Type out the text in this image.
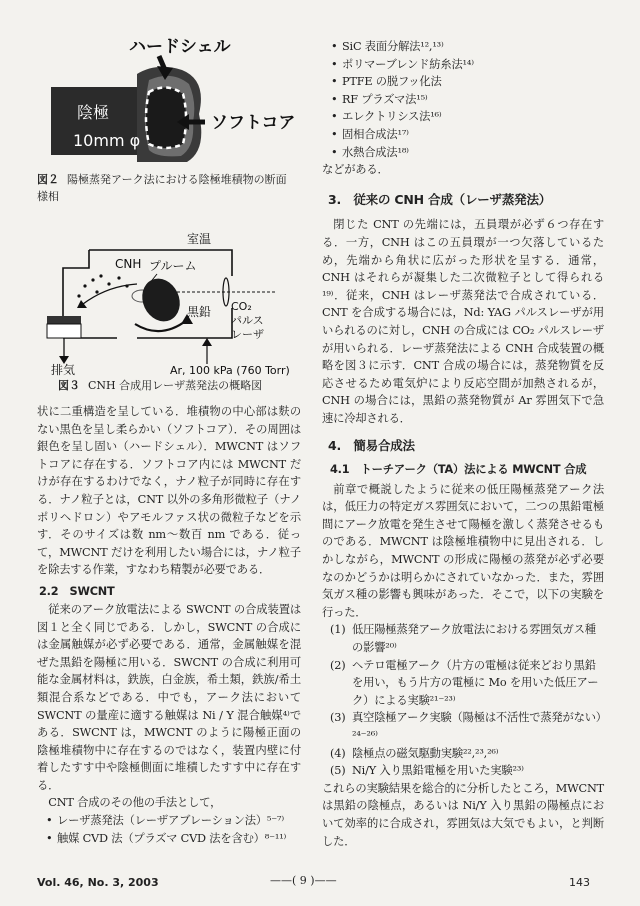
ハードシェル
ソフトコア
陰極
10mm φ
図２ 陽極蒸発アーク法における陰極堆積物の断面様相
室温
排気
CNH プルーム
黒鉛 CO₂
パルス
レーザ
Ar, 100 kPa (760 Torr)
図３ CNH 合成用レーザ蒸発法の概略図

状に二重構造を呈している．堆積物の中心部は麩のない黒色を呈し柔らかい（ソフトコア）．その周囲は銀色を呈し固い（ハードシェル）．MWCNT はソフトコアに存在する．ソフトコア内には MWCNT だけが存在するわけでなく，ナノ粒子が同時に存在する．ナノ粒子とは，CNT 以外の多角形微粒子（ナノポリヘドロン）やアモルファス状の微粒子などを示す．そのサイズは数 nm〜数百 nm である．従って，MWCNT だけを利用したい場合には，ナノ粒子を除去する作業，すなわち精製が必要である．

2.2　SWCNT

従来のアーク放電法による SWCNT の合成装置は図１と全く同じである．しかし，SWCNT の合成には金属触媒が必ず必要である．通常，金属触媒を混ぜた黒鉛を陽極に用いる．SWCNT の合成に利用可能な金属材料は，鉄族，白金族，希土類，鉄族/希土類混合系などである．中でも，アーク法において SWCNT の量産に適する触媒は Ni / Y 混合触媒⁴⁾である．SWCNT は，MWCNT のように陽極正面の陰極堆積物中に存在するのではなく，装置内壁に付着したすす中や陰極側面に堆積したすす中に存在する．

CNT 合成のその他の手法として，

• レーザ蒸発法（レーザアブレーション法）⁵⁻⁷⁾
• 触媒 CVD 法（プラズマ CVD 法を含む）⁸⁻¹¹⁾
• SiC 表面分解法¹²,¹³⁾
• ポリマーブレンド紡糸法¹⁴⁾
• PTFE の脱フッ化法
• RF プラズマ法¹⁵⁾
• エレクトリシス法¹⁶⁾
• 固相合成法¹⁷⁾
• 水熱合成法¹⁸⁾

などがある．

3.　従来の CNH 合成（レーザ蒸発法）

閉じた CNT の先端には，五員環が必ず６つ存在する．一方，CNH はこの五員環が一つ欠落しているため，先端から角状に広がった形状を呈する．通常，CNH はそれらが凝集した二次微粒子として得られる¹⁹⁾．従来，CNH はレーザ蒸発法で合成されている．CNT を合成する場合には，Nd: YAG パルスレーザが用いられるのに対し，CNH の合成には CO₂ パルスレーザが用いられる．レーザ蒸発法による CNH 合成装置の概略を図３に示す．CNT 合成の場合には，蒸発物質を反応させるため電気炉により反応空間が加熱されるが，CNH の場合には，黒鉛の蒸発物質が Ar 雰囲気下で急速に冷却される．

4.　簡易合成法
4.1　トーチアーク（TA）法による MWCNT 合成

前章で概説したように従来の低圧陽極蒸発アーク法は，低圧力の特定ガス雰囲気において，二つの黒鉛電極間にアーク放電を発生させて陽極を激しく蒸発させるものである．MWCNT は陰極堆積物中に見出される．しかしながら，MWCNT の形成に陽極の蒸発が必ず必要なのかどうかは明らかにされていなかった．また，雰囲気ガス種の影響も興味があった．そこで，以下の実験を行った．

(1) 低圧陽極蒸発アーク放電法における雰囲気ガス種の影響²⁰⁾
(2) ヘテロ電極アーク（片方の電極は従来どおり黒鉛を用い，もう片方の電極に Mo を用いた低圧アーク）による実験²¹⁻²³⁾
(3) 真空陰極アーク実験（陽極は不活性で蒸発がない）²⁴⁻²⁶⁾
(4) 陰極点の磁気駆動実験²²,²³,²⁶⁾
(5) Ni/Y 入り黒鉛電極を用いた実験²³⁾

これらの実験結果を総合的に分析したところ，MWCNT は黒鉛の陰極点，あるいは Ni/Y 入り黒鉛の陽極点において効率的に合成され，雰囲気は大気でもよい，と判断した．

Vol. 46, No. 3, 2003	——( 9 )——	143
